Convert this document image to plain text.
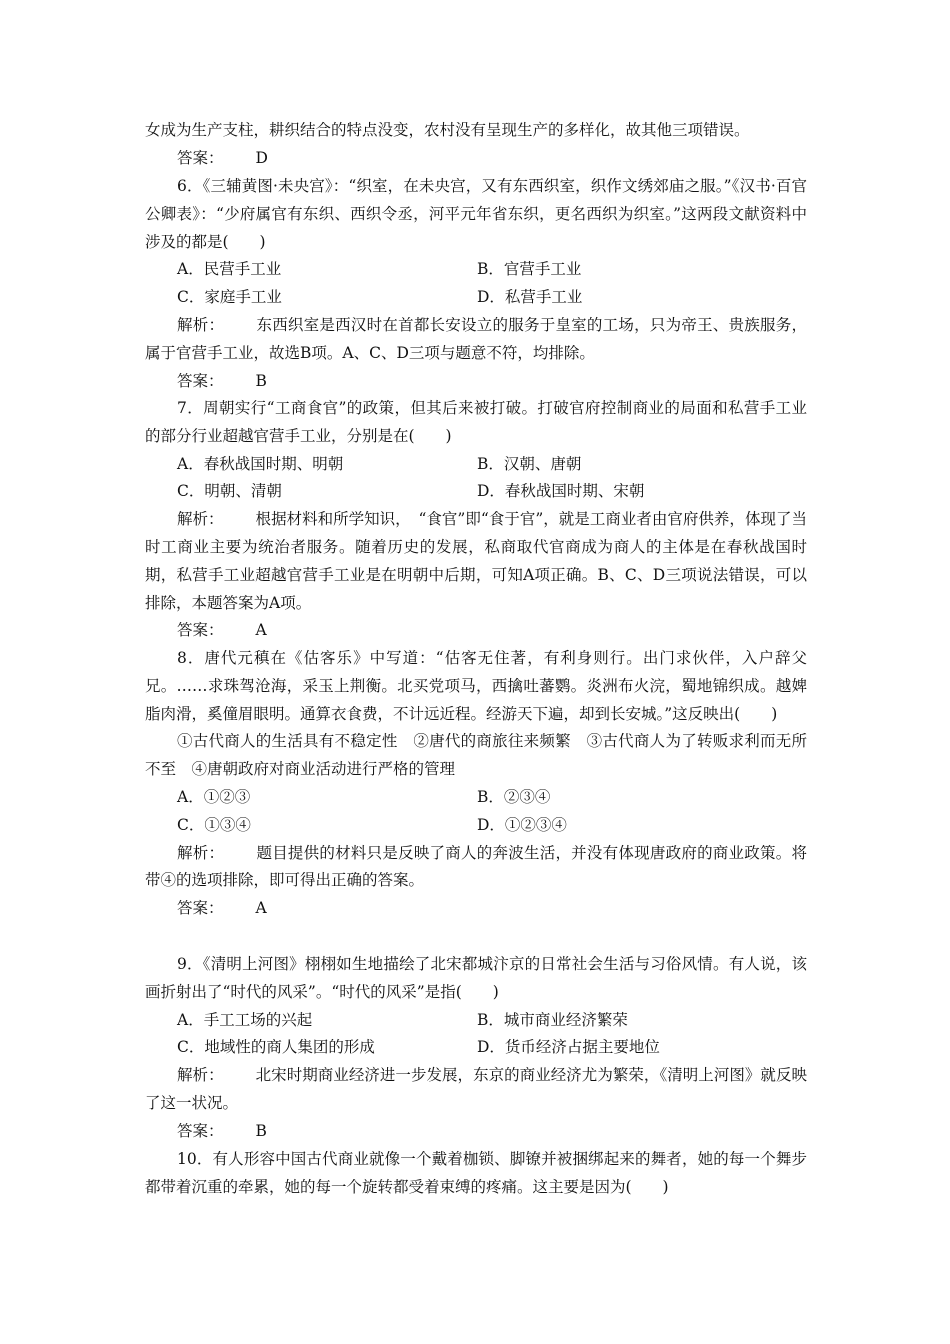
女成为生产支柱，耕织结合的特点没变，农村没有呈现生产的多样化，故其他三项错误。

答案： D

6．《三辅黄图·未央宫》：“织室，在未央宫，又有东西织室，织作文绣郊庙之服。”《汉书·百官公卿表》：“少府属官有东织、西织令丞，河平元年省东织，更名西织为织室。”这两段文献资料中涉及的都是(　　)

A．民营手工业	B．官营手工业
C．家庭手工业	D．私营手工业

解析： 东西织室是西汉时在首都长安设立的服务于皇室的工场，只为帝王、贵族服务，属于官营手工业，故选B项。A、C、D三项与题意不符，均排除。

答案： B

7．周朝实行“工商食官”的政策，但其后来被打破。打破官府控制商业的局面和私营手工业的部分行业超越官营手工业，分别是在(　　)

A．春秋战国时期、明朝	B．汉朝、唐朝
C．明朝、清朝	D．春秋战国时期、宋朝

解析： 根据材料和所学知识，　“食官”即“食于官”，就是工商业者由官府供养，体现了当时工商业主要为统治者服务。随着历史的发展，私商取代官商成为商人的主体是在春秋战国时期，私营手工业超越官营手工业是在明朝中后期，可知A项正确。B、C、D三项说法错误，可以排除，本题答案为A项。

答案： A

8．唐代元稹在《估客乐》中写道：“估客无住著，有利身则行。出门求伙伴，入户辞父兄。……求珠驾沧海，采玉上荆衡。北买党项马，西擒吐蕃鹦。炎洲布火浣，蜀地锦织成。越婢脂肉滑，奚僮眉眼明。通算衣食费，不计远近程。经游天下遍，却到长安城。”这反映出(　　)

①古代商人的生活具有不稳定性　②唐代的商旅往来频繁　③古代商人为了转贩求利而无所不至　④唐朝政府对商业活动进行严格的管理

A．①②③	B．②③④
C．①③④	D．①②③④

解析： 题目提供的材料只是反映了商人的奔波生活，并没有体现唐政府的商业政策。将带④的选项排除，即可得出正确的答案。

答案： A

9．《清明上河图》栩栩如生地描绘了北宋都城汴京的日常社会生活与习俗风情。有人说，该画折射出了“时代的风采”。“时代的风采”是指(　　)

A．手工工场的兴起	B．城市商业经济繁荣
C．地域性的商人集团的形成	D．货币经济占据主要地位

解析： 北宋时期商业经济进一步发展，东京的商业经济尤为繁荣，《清明上河图》就反映了这一状况。

答案： B

10．有人形容中国古代商业就像一个戴着枷锁、脚镣并被捆绑起来的舞者，她的每一个舞步都带着沉重的牵累，她的每一个旋转都受着束缚的疼痛。这主要是因为(　　)
